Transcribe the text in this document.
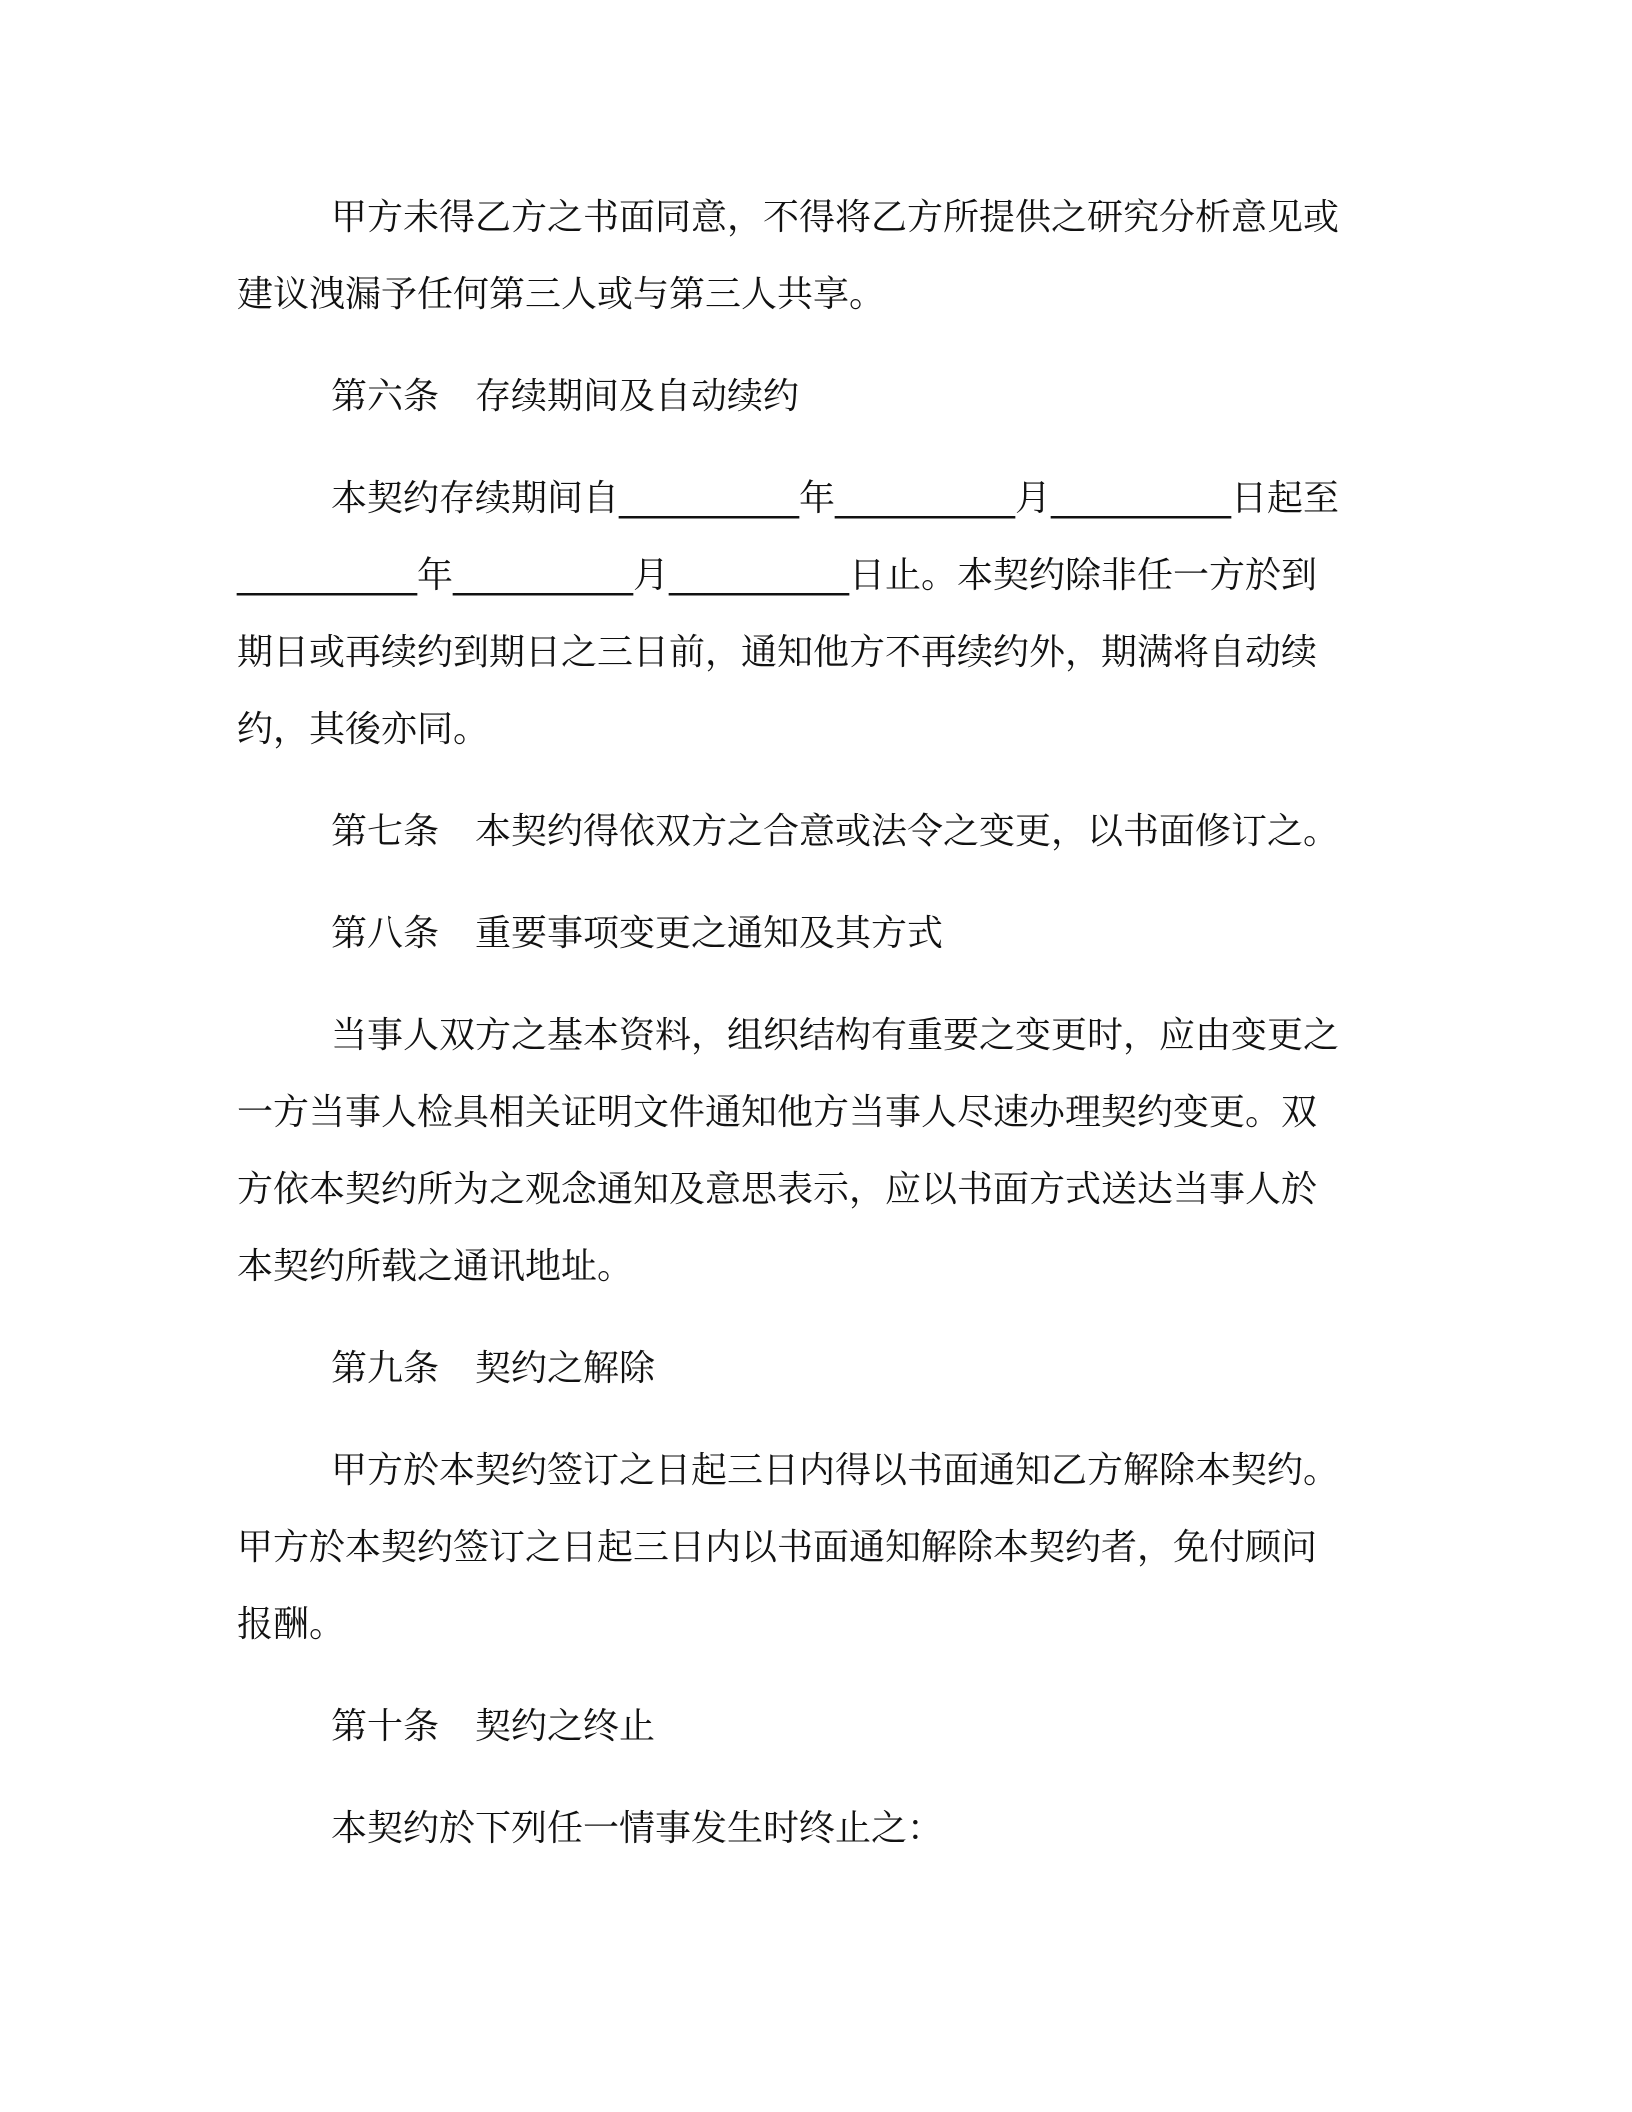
甲方未得乙方之书面同意，不得将乙方所提供之研究分析意见或

建议洩漏予任何第三人或与第三人共享。

第六条　存续期间及自动续约

本契约存续期间自__________年__________月__________日起至

__________年__________月__________日止。本契约除非任一方於到

期日或再续约到期日之三日前，通知他方不再续约外，期满将自动续

约，其後亦同。

第七条　本契约得依双方之合意或法令之变更，以书面修订之。

第八条　重要事项变更之通知及其方式

当事人双方之基本资料，组织结构有重要之变更时，应由变更之

一方当事人检具相关证明文件通知他方当事人尽速办理契约变更。双

方依本契约所为之观念通知及意思表示，应以书面方式送达当事人於

本契约所载之通讯地址。

第九条　契约之解除

甲方於本契约签订之日起三日内得以书面通知乙方解除本契约。

甲方於本契约签订之日起三日内以书面通知解除本契约者，免付顾问

报酬。

第十条　契约之终止

本契约於下列任一情事发生时终止之：
